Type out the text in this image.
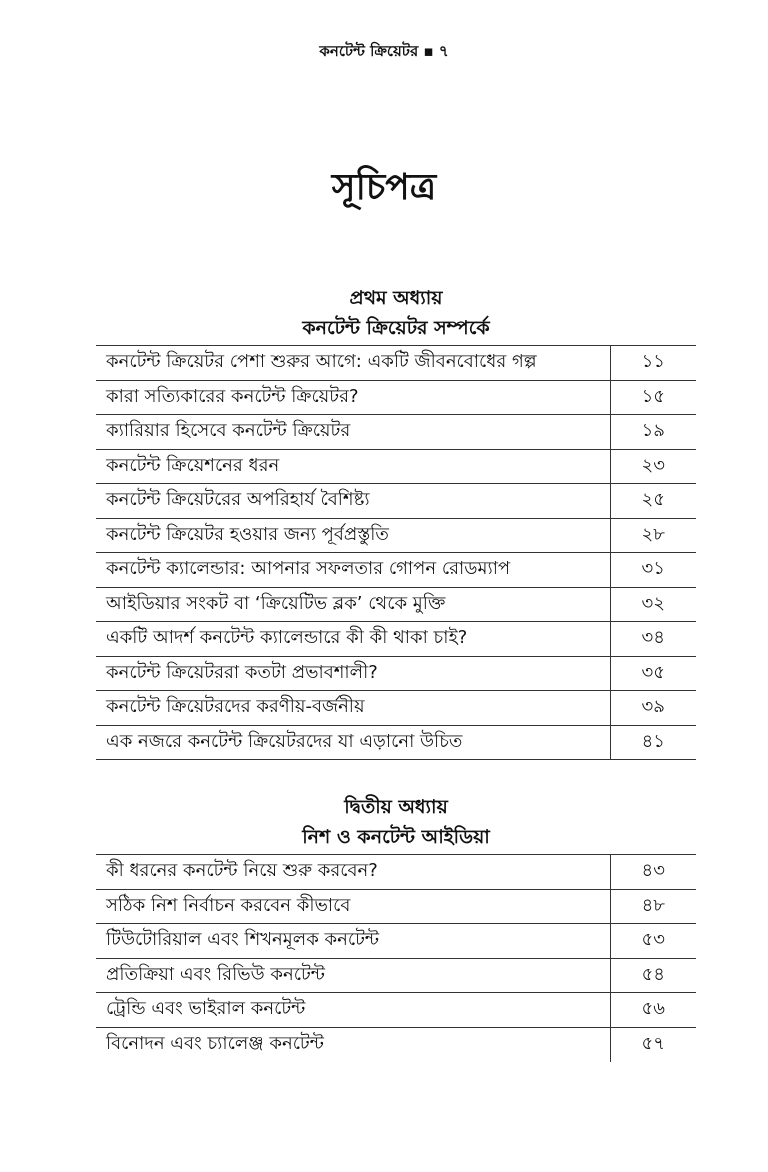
কনটেন্ট ক্রিয়েটর ▪ ৭
সূচিপত্র
প্রথম অধ্যায়
কনটেন্ট ক্রিয়েটর সম্পর্কে
কনটেন্ট ক্রিয়েটর পেশা শুরুর আগে: একটি জীবনবোধের গল্প	১১
কারা সত্যিকারের কনটেন্ট ক্রিয়েটর?	১৫
ক্যারিয়ার হিসেবে কনটেন্ট ক্রিয়েটর	১৯
কনটেন্ট ক্রিয়েশনের ধরন	২৩
কনটেন্ট ক্রিয়েটরের অপরিহার্য বৈশিষ্ট্য	২৫
কনটেন্ট ক্রিয়েটর হওয়ার জন্য পূর্বপ্রস্তুতি	২৮
কনটেন্ট ক্যালেন্ডার: আপনার সফলতার গোপন রোডম্যাপ	৩১
আইডিয়ার সংকট বা ‘ক্রিয়েটিভ ব্লক’ থেকে মুক্তি	৩২
একটি আদর্শ কনটেন্ট ক্যালেন্ডারে কী কী থাকা চাই?	৩৪
কনটেন্ট ক্রিয়েটররা কতটা প্রভাবশালী?	৩৫
কনটেন্ট ক্রিয়েটরদের করণীয়-বর্জনীয়	৩৯
এক নজরে কনটেন্ট ক্রিয়েটরদের যা এড়ানো উচিত	৪১
দ্বিতীয় অধ্যায়
নিশ ও কনটেন্ট আইডিয়া
কী ধরনের কনটেন্ট নিয়ে শুরু করবেন?	৪৩
সঠিক নিশ নির্বাচন করবেন কীভাবে	৪৮
টিউটোরিয়াল এবং শিখনমূলক কনটেন্ট	৫৩
প্রতিক্রিয়া এবং রিভিউ কনটেন্ট	৫৪
ট্রেন্ডি এবং ভাইরাল কনটেন্ট	৫৬
বিনোদন এবং চ্যালেঞ্জ কনটেন্ট	৫৭
